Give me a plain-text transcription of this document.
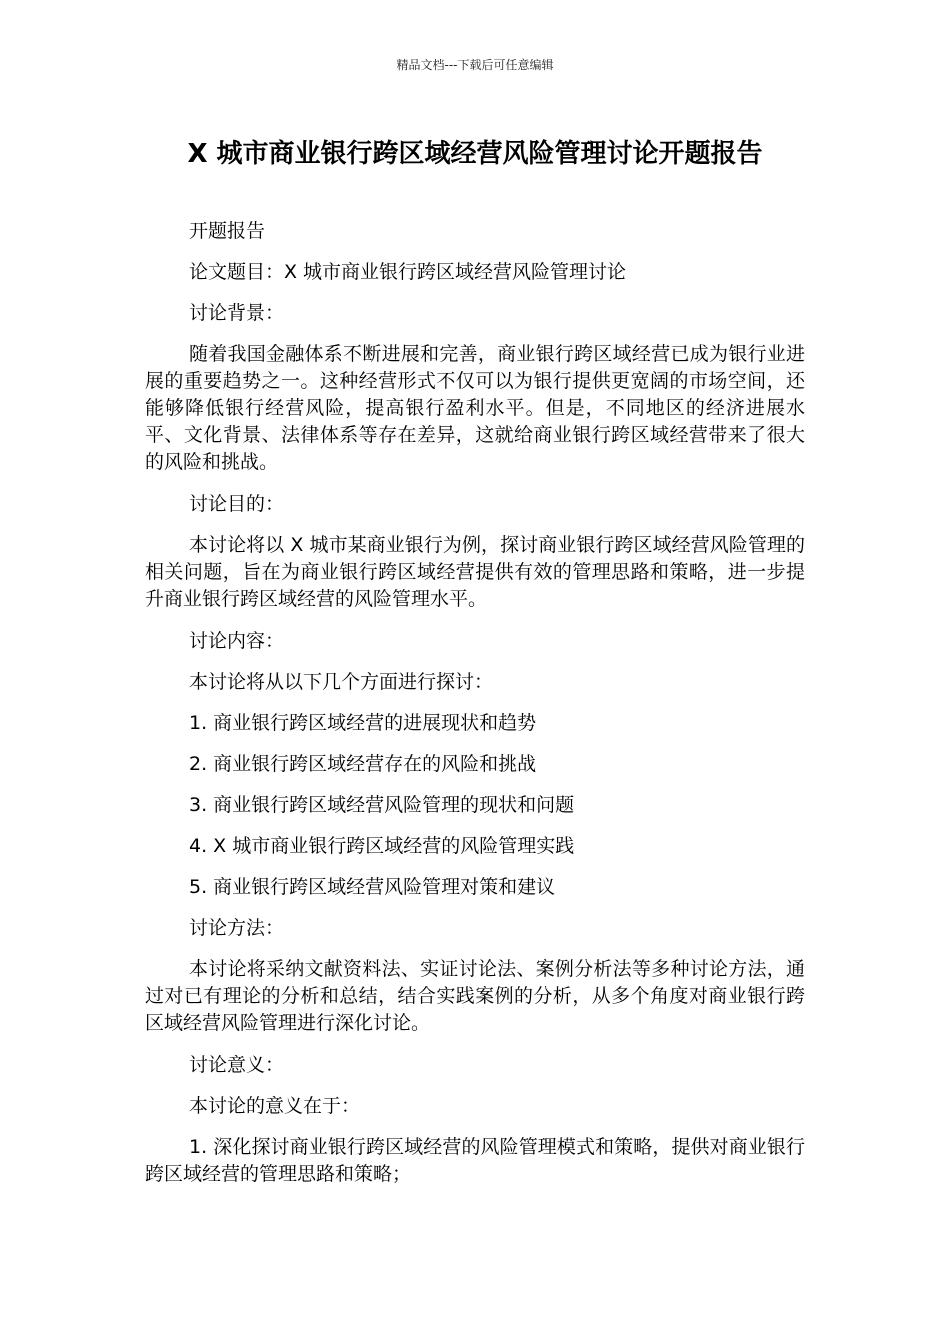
精品文档---下载后可任意编辑
X 城市商业银行跨区域经营风险管理讨论开题报告

开题报告

论文题目：X 城市商业银行跨区域经营风险管理讨论

讨论背景：

随着我国金融体系不断进展和完善，商业银行跨区域经营已成为银行业进展的重要趋势之一。这种经营形式不仅可以为银行提供更宽阔的市场空间，还能够降低银行经营风险，提高银行盈利水平。但是，不同地区的经济进展水平、文化背景、法律体系等存在差异，这就给商业银行跨区域经营带来了很大的风险和挑战。

讨论目的：

本讨论将以 X 城市某商业银行为例，探讨商业银行跨区域经营风险管理的相关问题，旨在为商业银行跨区域经营提供有效的管理思路和策略，进一步提升商业银行跨区域经营的风险管理水平。

讨论内容：

本讨论将从以下几个方面进行探讨：

1. 商业银行跨区域经营的进展现状和趋势

2. 商业银行跨区域经营存在的风险和挑战

3. 商业银行跨区域经营风险管理的现状和问题

4. X 城市商业银行跨区域经营的风险管理实践

5. 商业银行跨区域经营风险管理对策和建议

讨论方法：

本讨论将采纳文献资料法、实证讨论法、案例分析法等多种讨论方法，通过对已有理论的分析和总结，结合实践案例的分析，从多个角度对商业银行跨区域经营风险管理进行深化讨论。

讨论意义：

本讨论的意义在于：

1. 深化探讨商业银行跨区域经营的风险管理模式和策略，提供对商业银行跨区域经营的管理思路和策略；
